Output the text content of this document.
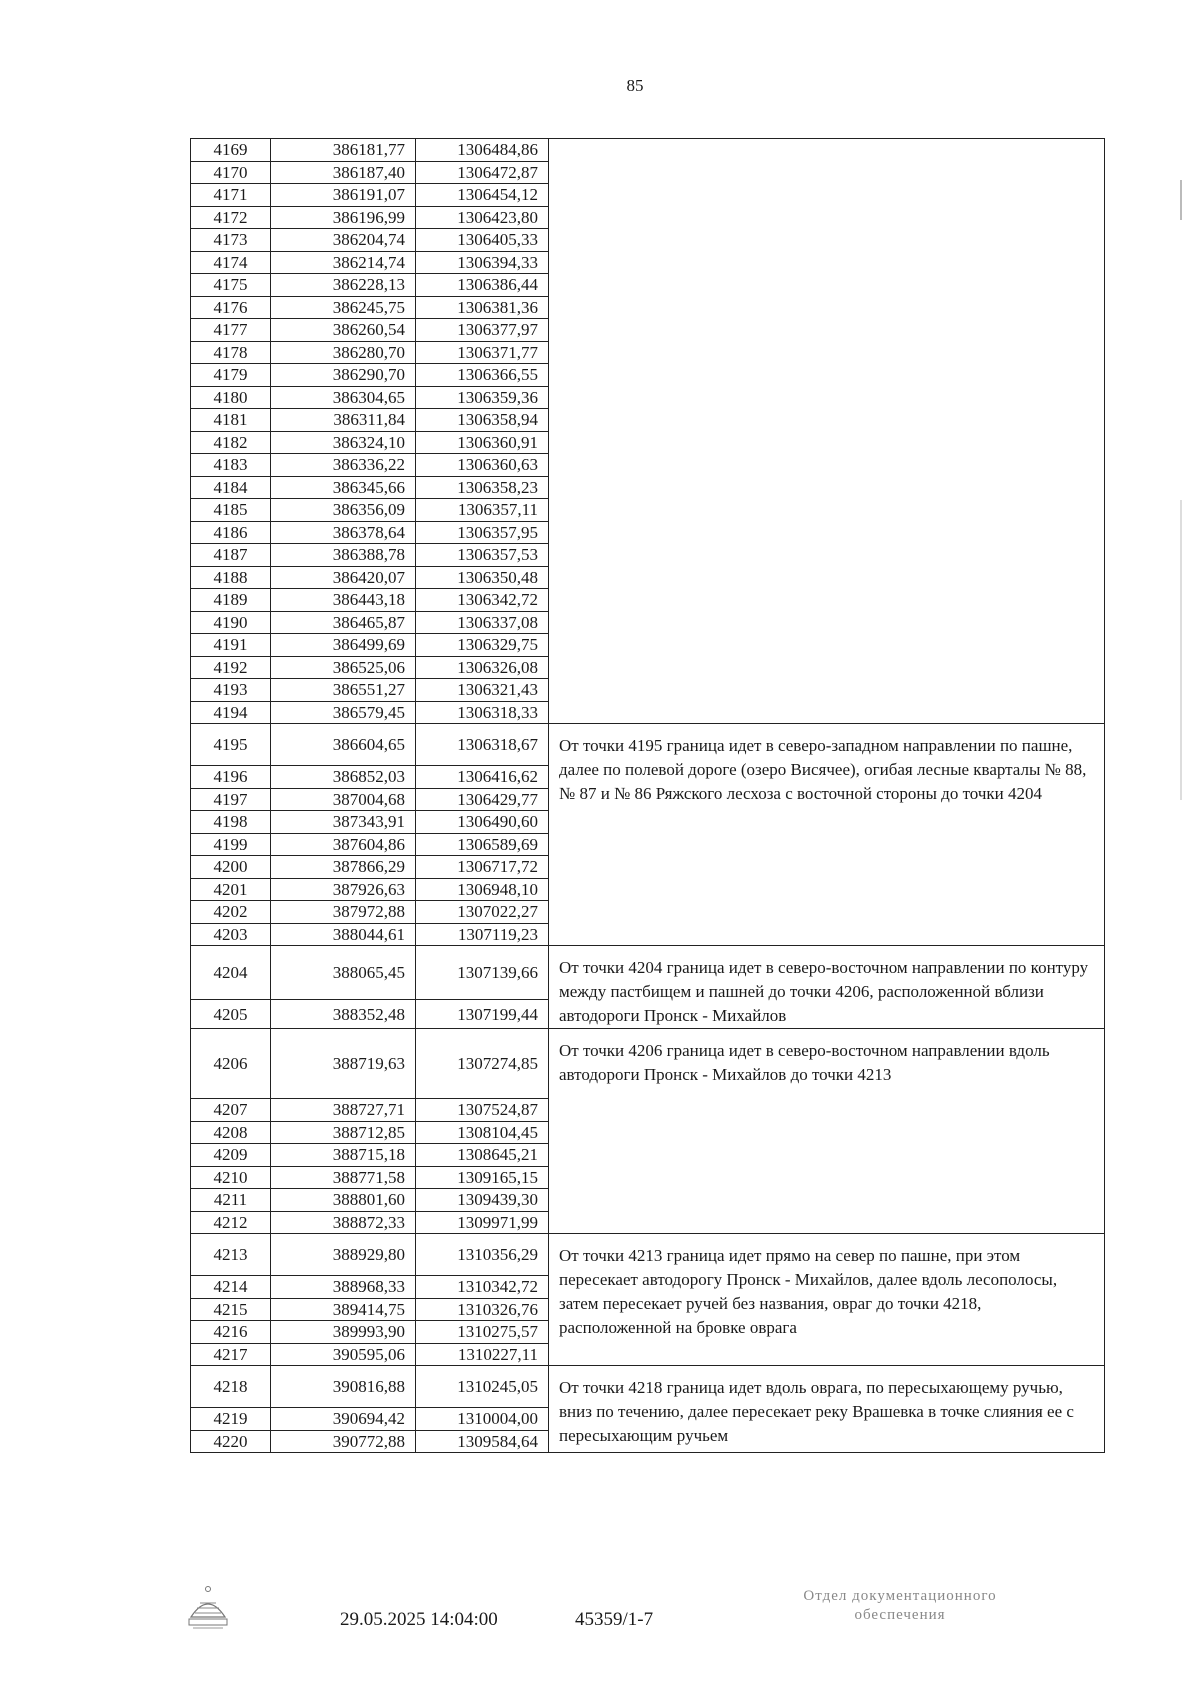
85
4169	386181,77	1306484,86	
4170	386187,40	1306472,87	
4171	386191,07	1306454,12	
4172	386196,99	1306423,80	
4173	386204,74	1306405,33	
4174	386214,74	1306394,33	
4175	386228,13	1306386,44	
4176	386245,75	1306381,36	
4177	386260,54	1306377,97	
4178	386280,70	1306371,77	
4179	386290,70	1306366,55	
4180	386304,65	1306359,36	
4181	386311,84	1306358,94	
4182	386324,10	1306360,91	
4183	386336,22	1306360,63	
4184	386345,66	1306358,23	
4185	386356,09	1306357,11	
4186	386378,64	1306357,95	
4187	386388,78	1306357,53	
4188	386420,07	1306350,48	
4189	386443,18	1306342,72	
4190	386465,87	1306337,08	
4191	386499,69	1306329,75	
4192	386525,06	1306326,08	
4193	386551,27	1306321,43	
4194	386579,45	1306318,33	
4195	386604,65	1306318,67	От точки 4195 граница идет в северо-западном направлении по пашне, далее по полевой дороге (озеро Висячее), огибая лесные кварталы № 88, № 87 и № 86 Ряжского лесхоза с восточной стороны до точки 4204

4196	386852,03	1306416,62	
4197	387004,68	1306429,77	
4198	387343,91	1306490,60	
4199	387604,86	1306589,69	
4200	387866,29	1306717,72	
4201	387926,63	1306948,10	
4202	387972,88	1307022,27	
4203	388044,61	1307119,23	
4204	388065,45	1307139,66	От точки 4204 граница идет в северо-восточном направлении по контуру между пастбищем и пашней до точки 4206, расположенной вблизи автодороги Пронск - Михайлов

4205	388352,48	1307199,44	
4206	388719,63	1307274,85	От точки 4206 граница идет в северо-восточном направлении вдоль автодороги Пронск - Михайлов до точки 4213

4207	388727,71	1307524,87	
4208	388712,85	1308104,45	
4209	388715,18	1308645,21	
4210	388771,58	1309165,15	
4211	388801,60	1309439,30	
4212	388872,33	1309971,99	
4213	388929,80	1310356,29	От точки 4213 граница идет прямо на север по пашне, при этом пересекает автодорогу Пронск - Михайлов, далее вдоль лесополосы, затем пересекает ручей без названия, овраг до точки 4218, расположенной на бровке оврага

4214	388968,33	1310342,72	
4215	389414,75	1310326,76	
4216	389993,90	1310275,57	
4217	390595,06	1310227,11	
4218	390816,88	1310245,05	От точки 4218 граница идет вдоль оврага, по пересыхающему ручью, вниз по течению, далее пересекает реку Врашевка в точке слияния ее с пересыхающим ручьем

4219	390694,42	1310004,00	
4220	390772,88	1309584,64	
29.05.2025 14:04:00	45359/1-7
Отдел документационного
обеспечения
